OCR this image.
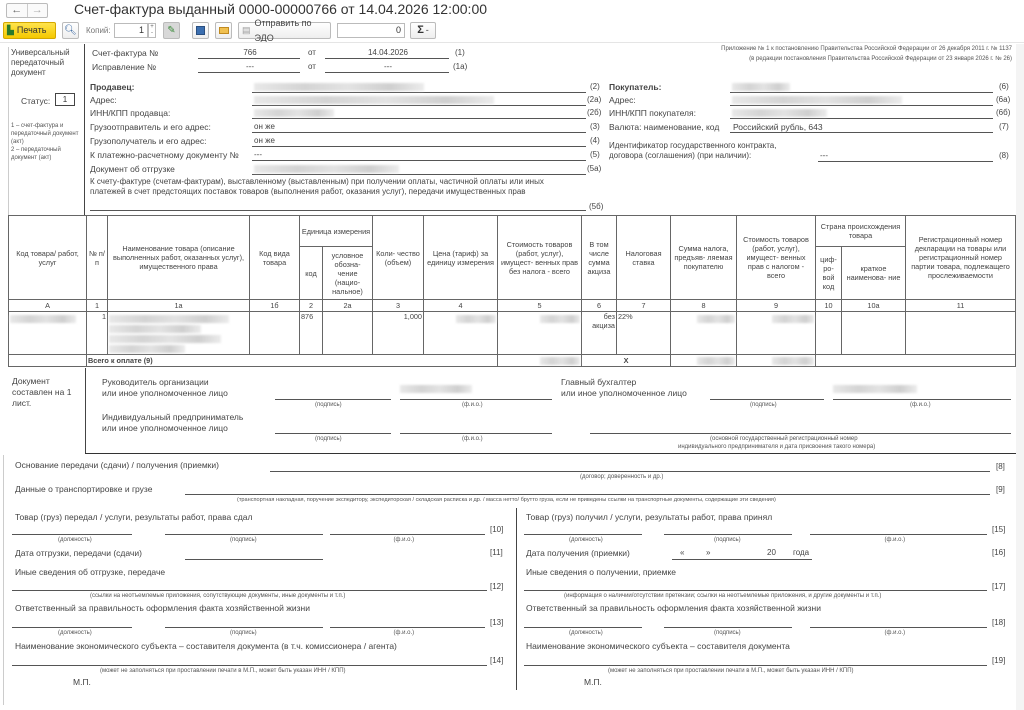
← →	Счет-фактура выданный 0000-00000766 от 14.04.2026 12:00:00
▙ Печать 🔍︎ Копий:	1	+
-	✎	▤
Отправить по ЭДО
0	Σ -
Универсальный передаточный документ
Статус:	1
1 – счет-фактура и передаточный документ (акт)
2 – передаточный документ (акт)
Счет-фактура №	766	от	14.04.2026	(1)
Исправление №	---	от	---	(1а)
Приложение № 1 к постановлению Правительства Российской Федерации от 26 декабря 2011 г. № 1137
(в редакции постановления Правительства Российской Федерации от 23 января 2026 г. № 26)
Продавец:	(2)
Адрес:	(2а)
ИНН/КПП продавца:	(2б)
Грузоотправитель и его адрес:	он же	(3)
Грузополучатель и его адрес:	он же	(4)
К платежно-расчетному документу № ---	(5)
Документ об отгрузке	(5а)
К счету-фактуре (счетам-фактурам), выставленному (выставленным) при получении оплаты, частичной оплаты или иных
платежей в счет предстоящих поставок товаров (выполнения работ, оказания услуг), передачи имущественных прав
(5б)
Покупатель:	(6)
Адрес:	(6а)
ИНН/КПП покупателя:	(6б)
Валюта: наименование, код Российский рубль, 643	(7)
Идентификатор государственного контракта,
договора (соглашения) (при наличии):	---	(8)
Код товара/ работ, услуг	№ п/п	Наименование товара (описание выполненных работ, оказанных услуг), имущественного права	Код вида товара	Единица измерения		Коли- чество (объем)	Цена (тариф) за единицу измерения	Стоимость товаров (работ, услуг), имущест- венных прав без налога - всего	В том числе сумма акциза	Налоговая ставка	Сумма налога, предъяв- ляемая покупателю	Стоимость товаров (работ, услуг), имущест- венных прав с налогом - всего	Страна происхождения товара		Регистрационный номер декларации на товары или регистрационный номер партии товара, подлежащего прослеживаемости
				код	условное обозна- чение (нацио- нальное)								циф- ро- вой код	краткое наименова- ние	
А	1	1а	1б	2	2а	3	4	5	6	7	8	9	10	10а	11

	1			876		1,000			без акциза	22%	

	Всего к оплате (9)								X				

Документ составлен на 1 лист.
Руководитель организации
или иное уполномоченное лицо
(подпись)	(ф.и.о.)
Индивидуальный предприниматель
или иное уполномоченное лицо
(подпись)	(ф.и.о.)
Главный бухгалтер
или иное уполномоченное лицо
(подпись)	(ф.и.о.)
(основной государственный регистрационный номер
индивидуального предпринимателя и дата присвоения такого номера)
Основание передачи (сдачи) / получения (приемки)	[8]
(договор; доверенность и др.)
Данные о транспортировке и грузе	[9]
(транспортная накладная, поручение экспедитору, экспедиторская / складская расписка и др. / масса нетто/ брутто груза, если не приведены ссылки на транспортные документы, содержащие эти сведения)
Товар (груз) передал / услуги, результаты работ, права сдал	Товар (груз) получил / услуги, результаты работ, права принял
(должность)	(подпись)	(ф.и.о.)	(должность)	(подпись)	(ф.и.о.)
[10]	[15]
Дата отгрузки, передачи (сдачи)	[11]	Дата получения (приемки)	«	»	20 года	[16]
Иные сведения об отгрузке, передаче
[12]
(ссылки на неотъемлемые приложения, сопутствующие документы, иные документы и т.п.)
Иные сведения о получении, приемке
[17]
(информация о наличии/отсутствии претензии; ссылки на неотъемлемые приложения, и другие документы и т.п.)
Ответственный за правильность оформления факта хозяйственной жизни	Ответственный за правильность оформления факта хозяйственной жизни
(должность)	(подпись)	(ф.и.о.)	(должность)	(подпись)	(ф.и.о.)
[13]	[18]
Наименование экономического субъекта – составителя документа (в т.ч. комиссионера / агента)
[14]
(может не заполняться при проставлении печати в М.П., может быть указан ИНН / КПП)
М.П.
Наименование экономического субъекта – составителя документа
[19]
(может не заполняться при проставлении печати в М.П., может быть указан ИНН / КПП)
М.П.
